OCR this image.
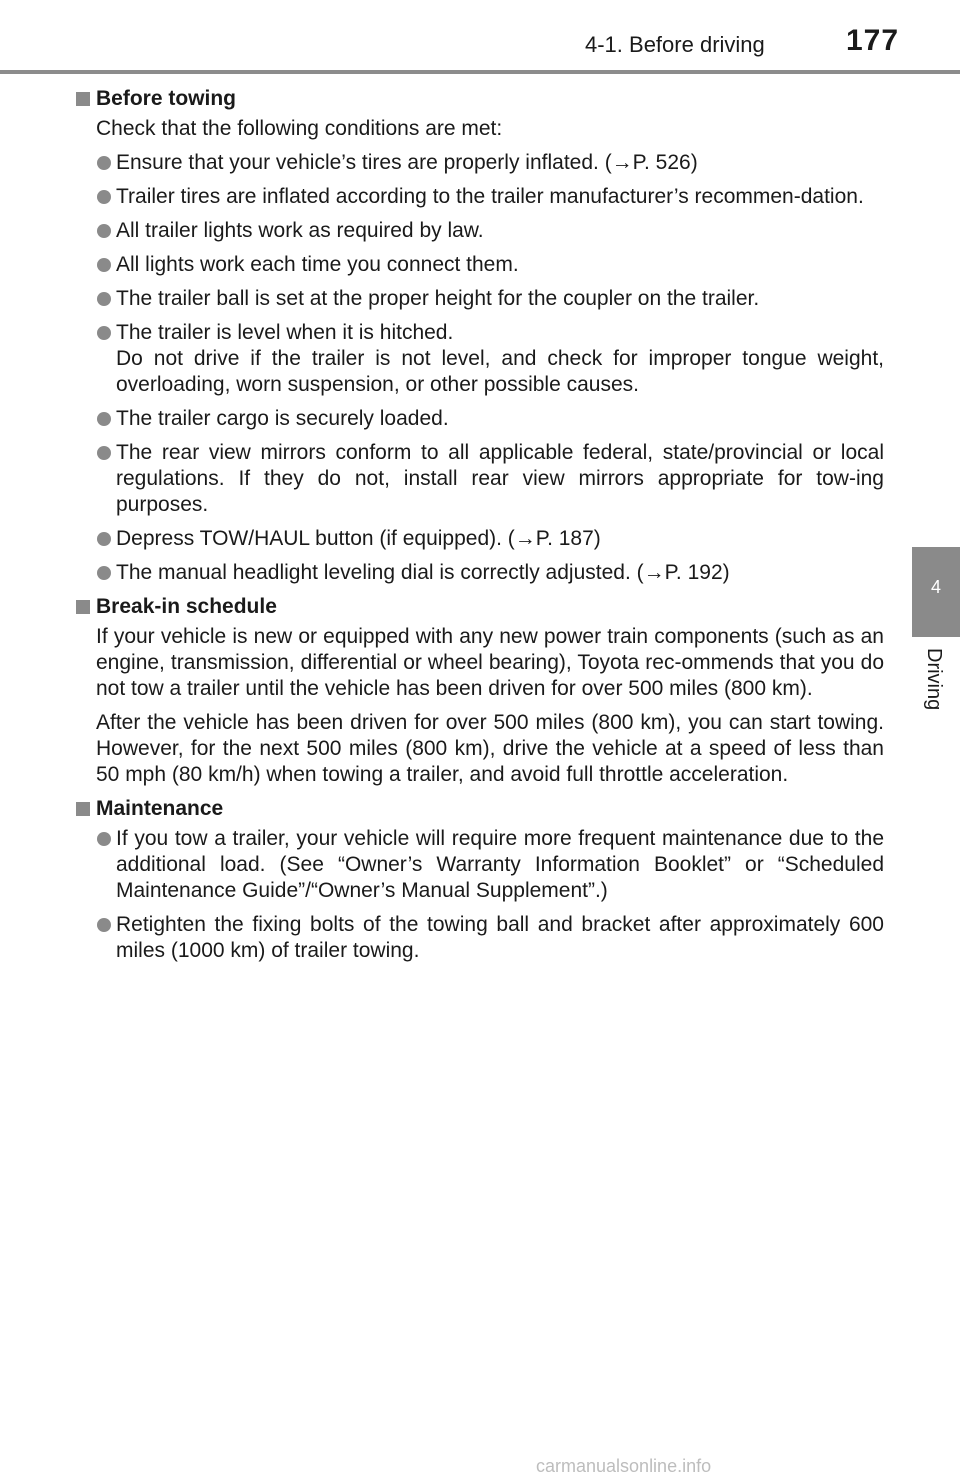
4-1. Before driving	177
4
Driving
Before towing
Check that the following conditions are met:
Ensure that your vehicle’s tires are properly inflated. (→P. 526)
Trailer tires are inflated according to the trailer manufacturer’s recommen-dation.
All trailer lights work as required by law.
All lights work each time you connect them.
The trailer ball is set at the proper height for the coupler on the trailer.
The trailer is level when it is hitched.
Do not drive if the trailer is not level, and check for improper tongue weight, overloading, worn suspension, or other possible causes.
The trailer cargo is securely loaded.
The rear view mirrors conform to all applicable federal, state/provincial or local regulations. If they do not, install rear view mirrors appropriate for tow-ing purposes.
Depress TOW/HAUL button (if equipped). (→P. 187)
The manual headlight leveling dial is correctly adjusted. (→P. 192)
Break-in schedule
If your vehicle is new or equipped with any new power train components (such as an engine, transmission, differential or wheel bearing), Toyota rec-ommends that you do not tow a trailer until the vehicle has been driven for over 500 miles (800 km).
After the vehicle has been driven for over 500 miles (800 km), you can start towing. However, for the next 500 miles (800 km), drive the vehicle at a speed of less than 50 mph (80 km/h) when towing a trailer, and avoid full throttle acceleration.
Maintenance
If you tow a trailer, your vehicle will require more frequent maintenance due to the additional load. (See “Owner’s Warranty Information Booklet” or “Scheduled Maintenance Guide”/“Owner’s Manual Supplement”.)
Retighten the fixing bolts of the towing ball and bracket after approximately 600 miles (1000 km) of trailer towing.
carmanualsonline.info
